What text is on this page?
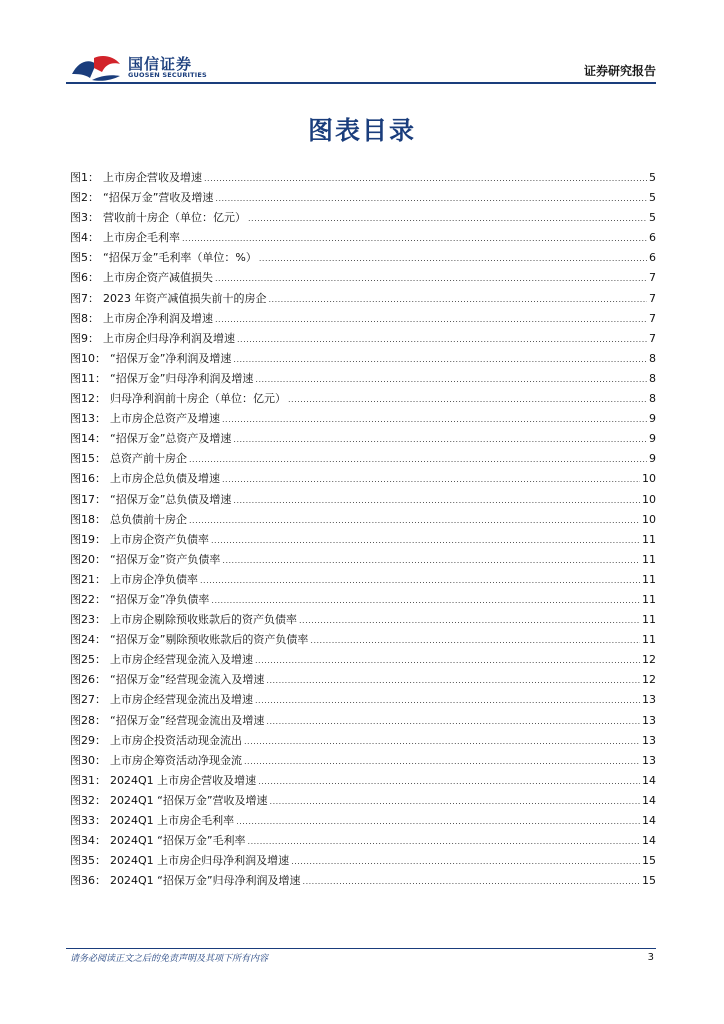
国信证券
GUOSEN SECURITIES	证券研究报告
图表目录
图1 ： 上市房企营收及增速 .....	5
图2 ： “招保万金”营收及增速 .....	5
图3 ： 营收前十房企（单位：亿元） .....	5
图4 ： 上市房企毛利率 .....	6
图5 ： “招保万金”毛利率（单位：%） .....	6
图6 ： 上市房企资产减值损失 .....	7
图7 ： 2023 年资产减值损失前十的房企 .....	7
图8 ： 上市房企净利润及增速 .....	7
图9 ： 上市房企归母净利润及增速 .....	7
图10 ： “招保万金”净利润及增速 .....	8
图11 ： “招保万金”归母净利润及增速 .....	8
图12 ： 归母净利润前十房企（单位：亿元） .....	8
图13 ： 上市房企总资产及增速 .....	9
图14 ： “招保万金”总资产及增速 .....	9
图15 ： 总资产前十房企 .....	9
图16 ： 上市房企总负债及增速 .....	10
图17 ： “招保万金”总负债及增速 .....	10
图18 ： 总负债前十房企 .....	10
图19 ： 上市房企资产负债率 .....	11
图20 ： “招保万金”资产负债率 .....	11
图21 ： 上市房企净负债率 .....	11
图22 ： “招保万金”净负债率 .....	11
图23 ： 上市房企剔除预收账款后的资产负债率 .....	11
图24 ： “招保万金”剔除预收账款后的资产负债率 .....	11
图25 ： 上市房企经营现金流入及增速 .....	12
图26 ： “招保万金”经营现金流入及增速 .....	12
图27 ： 上市房企经营现金流出及增速 .....	13
图28 ： “招保万金”经营现金流出及增速 .....	13
图29 ： 上市房企投资活动现金流出 .....	13
图30 ： 上市房企筹资活动净现金流 .....	13
图31 ： 2024Q1 上市房企营收及增速 .....	14
图32 ： 2024Q1 “招保万金”营收及增速 .....	14
图33 ： 2024Q1 上市房企毛利率 .....	14
图34 ： 2024Q1 “招保万金”毛利率 .....	14
图35 ： 2024Q1 上市房企归母净利润及增速 .....	15
图36 ： 2024Q1 “招保万金”归母净利润及增速 .....	15
请务必阅读正文之后的免责声明及其项下所有内容	3
